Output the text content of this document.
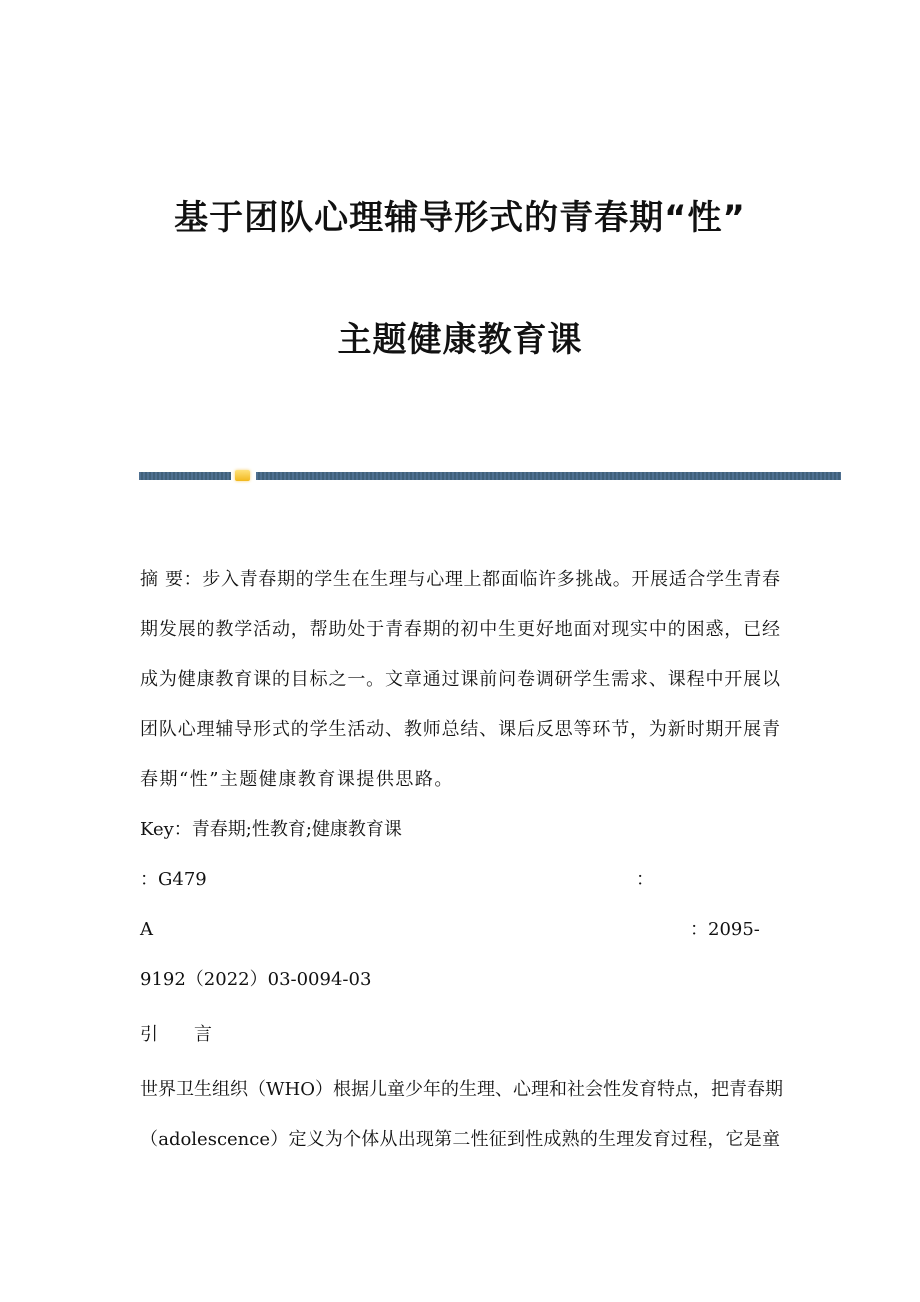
基于团队心理辅导形式的青春期“性”
主题健康教育课
摘 要：步入青春期的学生在生理与心理上都面临许多挑战。开展适合学生青春
期发展的教学活动，帮助处于青春期的初中生更好地面对现实中的困惑，已经
成为健康教育课的目标之一。文章通过课前问卷调研学生需求、课程中开展以
团队心理辅导形式的学生活动、教师总结、课后反思等环节，为新时期开展青
春期“性”主题健康教育课提供思路。
Key：青春期;性教育;健康教育课
：G479	：
A	：2095-
9192（2022）03-0094-03
引　　言
世界卫生组织（WHO）根据儿童少年的生理、心理和社会性发育特点，把青春期
（adolescence）定义为个体从出现第二性征到性成熟的生理发育过程，它是童
